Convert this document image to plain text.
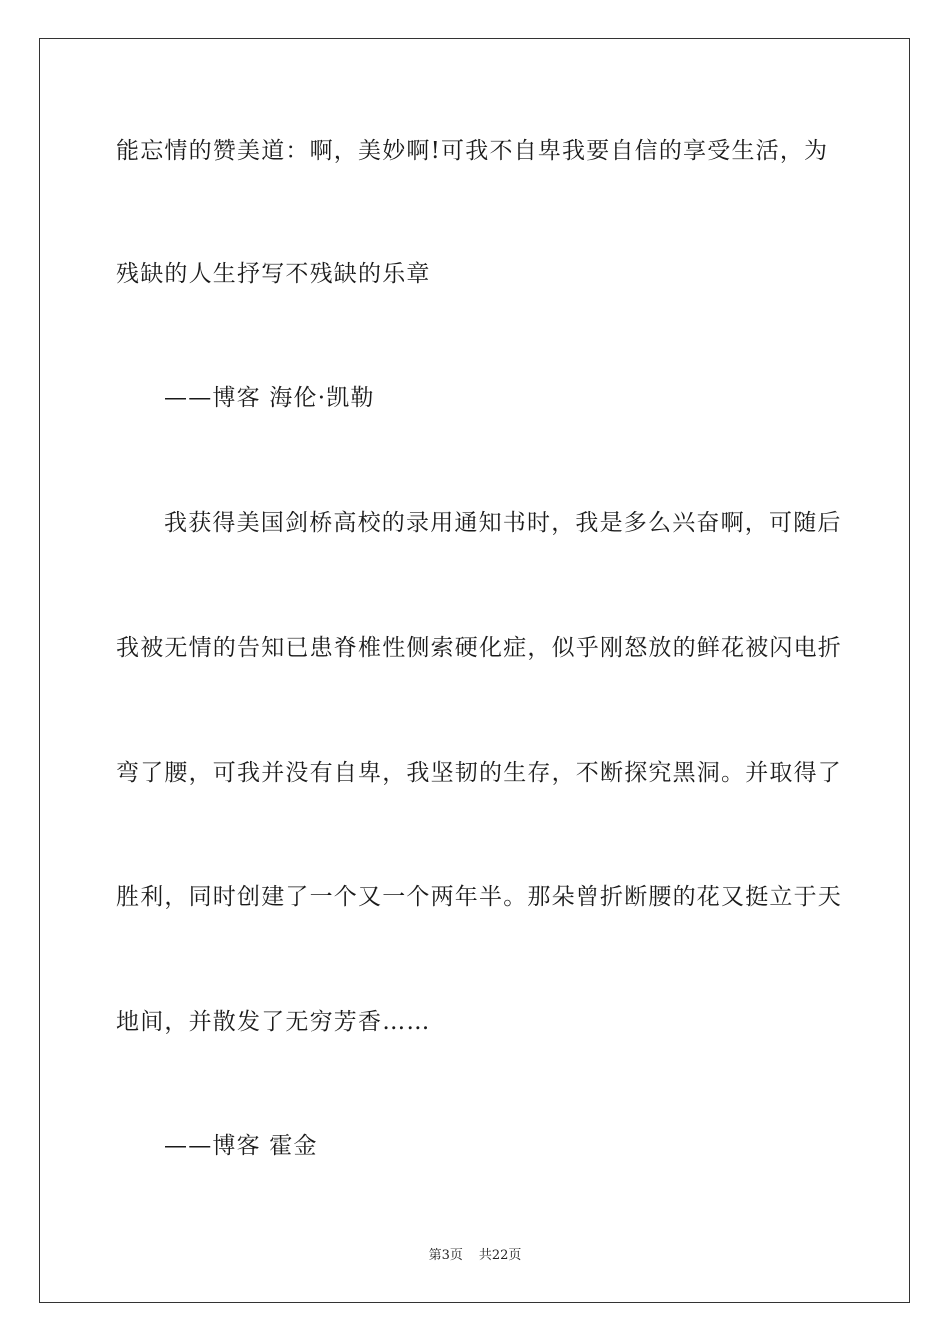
能忘情的赞美道：啊，美妙啊!可我不自卑我要自信的享受生活，为
残缺的人生抒写不残缺的乐章
——博客 海伦·凯勒
我获得美国剑桥高校的录用通知书时，我是多么兴奋啊，可随后
我被无情的告知已患脊椎性侧索硬化症，似乎刚怒放的鲜花被闪电折
弯了腰，可我并没有自卑，我坚韧的生存，不断探究黑洞。并取得了
胜利，同时创建了一个又一个两年半。那朵曾折断腰的花又挺立于天
地间，并散发了无穷芳香……
——博客 霍金
第3页 共22页
